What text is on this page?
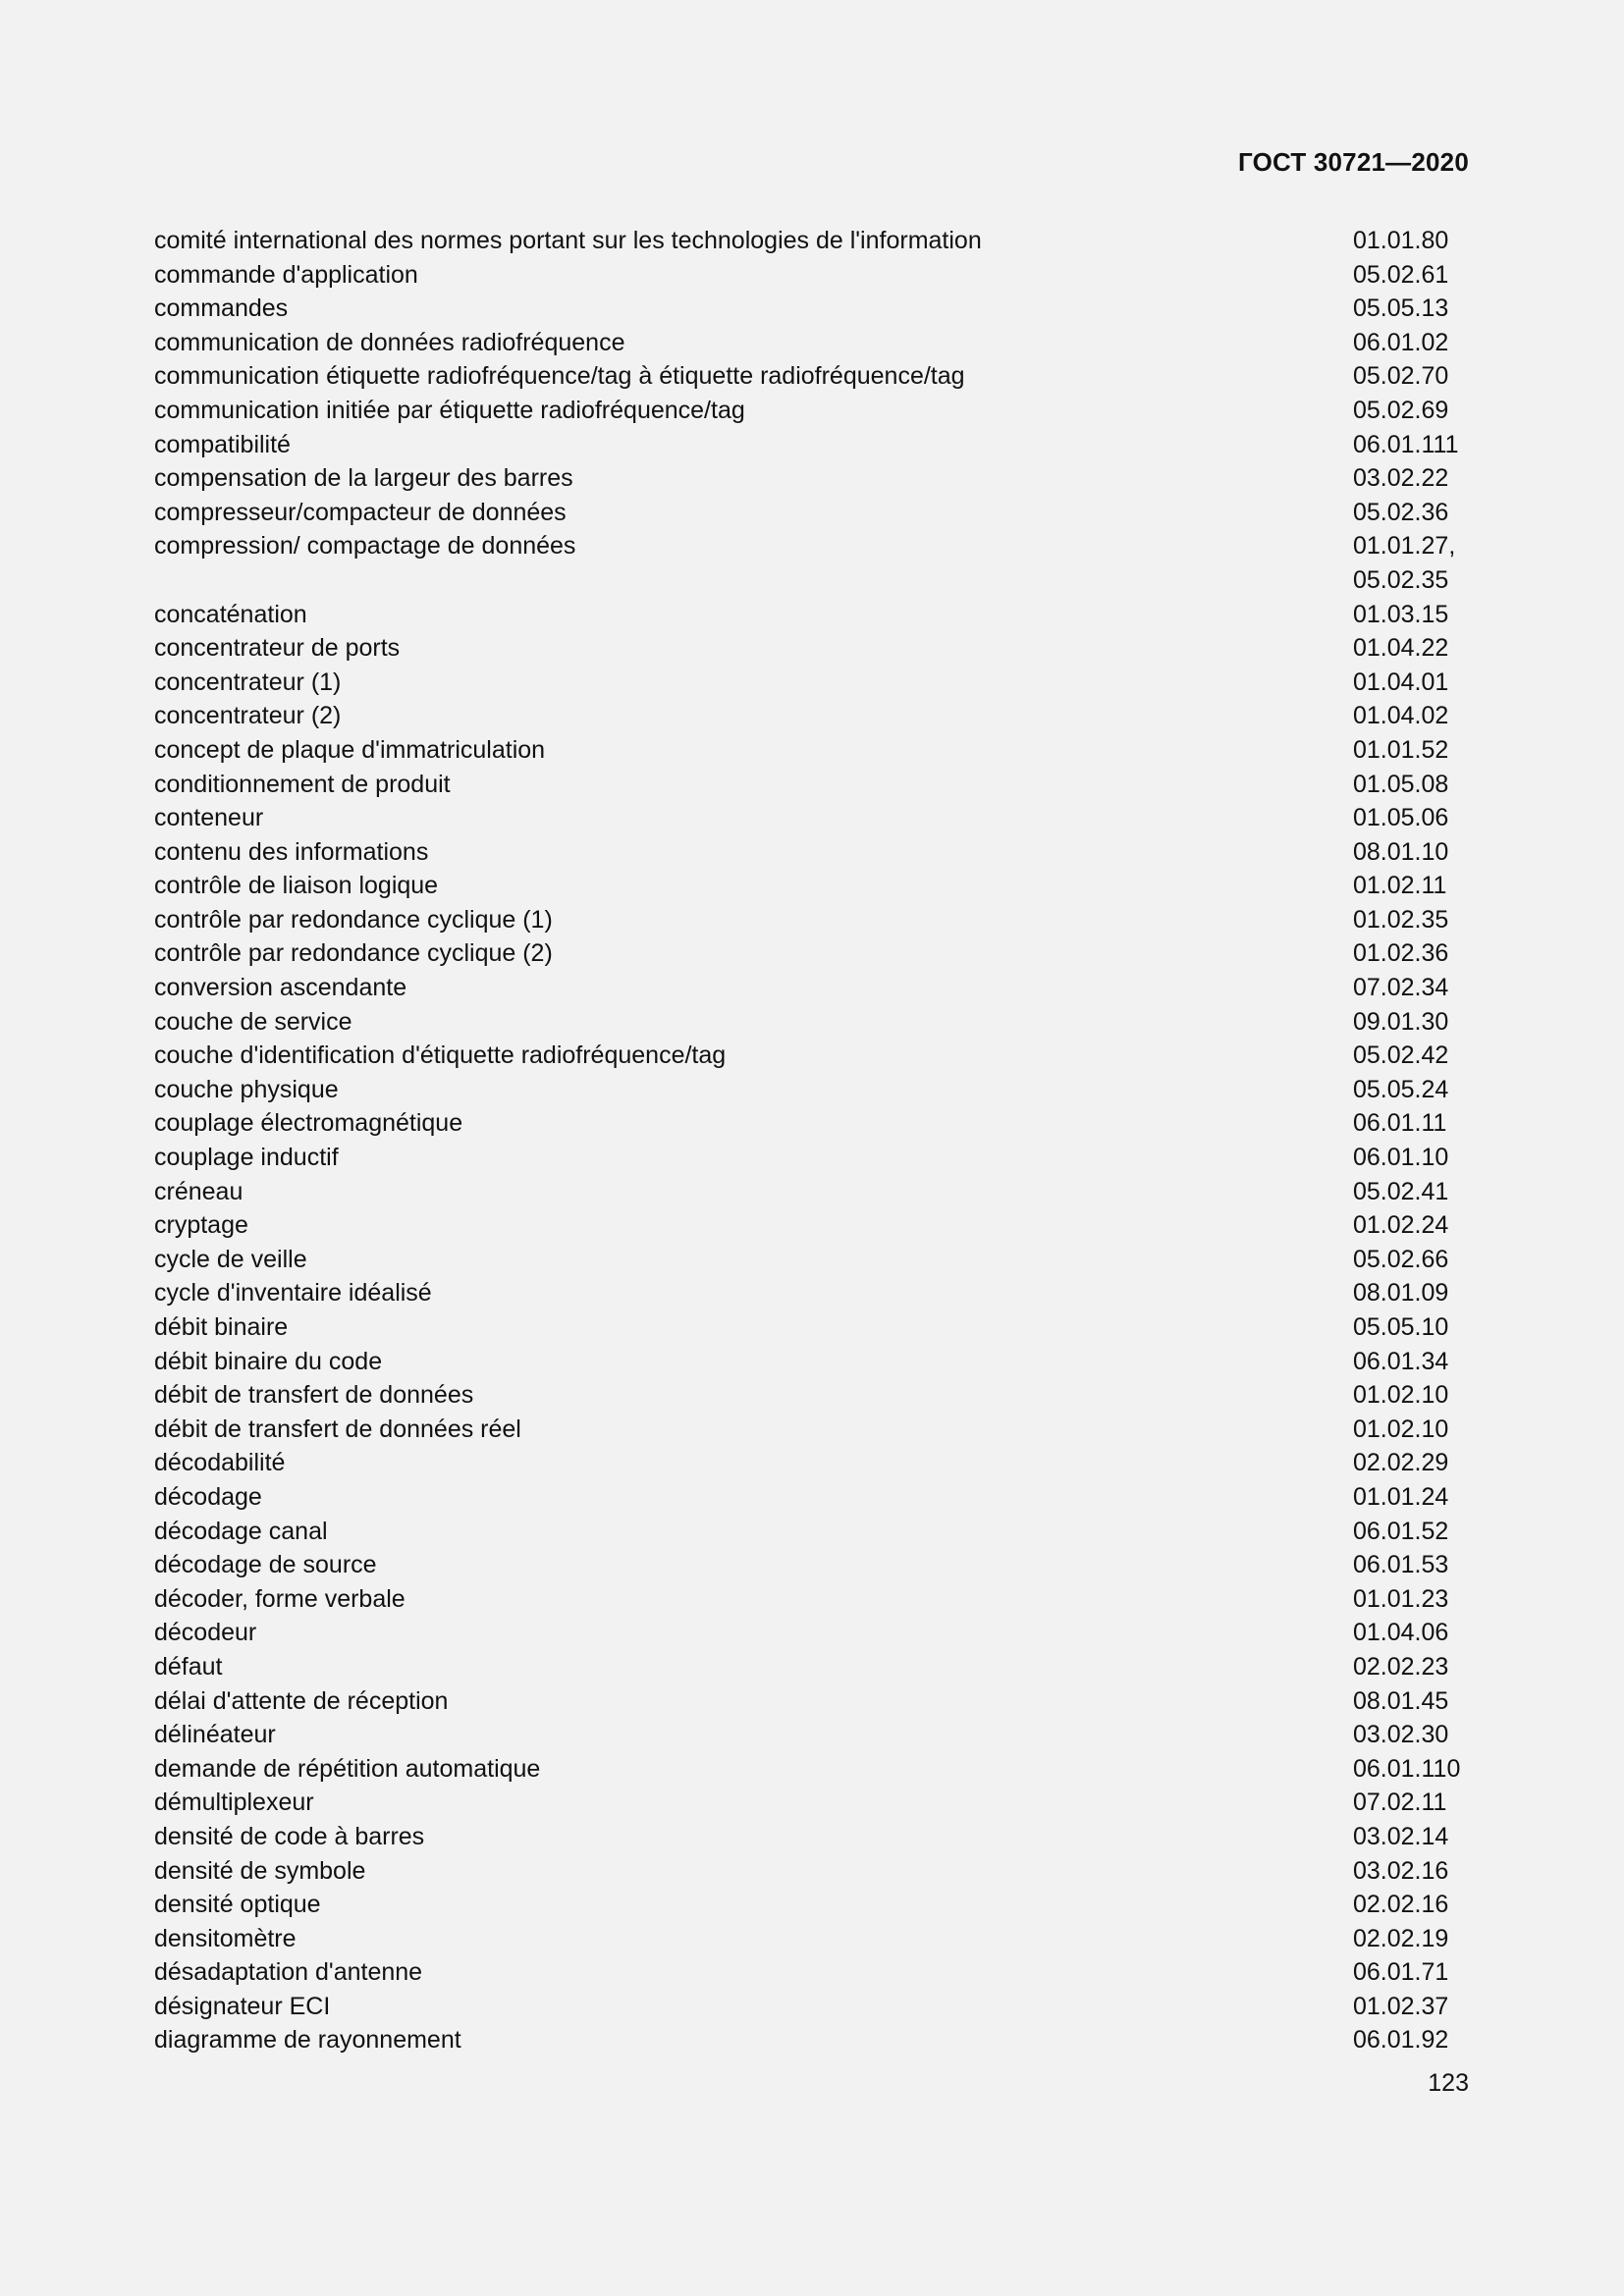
ГОСТ 30721—2020
comité international des normes portant sur les technologies de l'information	01.01.80
commande d'application	05.02.61
commandes	05.05.13
communication de données radiofréquence	06.01.02
communication étiquette radiofréquence/tag à étiquette radiofréquence/tag	05.02.70
communication initiée par étiquette radiofréquence/tag	05.02.69
compatibilité	06.01.111
compensation de la largeur des barres	03.02.22
compresseur/compacteur de données	05.02.36
compression/ compactage de données	01.01.27,
05.02.35
concaténation	01.03.15
concentrateur de ports	01.04.22
concentrateur (1)	01.04.01
concentrateur (2)	01.04.02
concept de plaque d'immatriculation	01.01.52
conditionnement de produit	01.05.08
conteneur	01.05.06
contenu des informations	08.01.10
contrôle de liaison logique	01.02.11
contrôle par redondance cyclique (1)	01.02.35
contrôle par redondance cyclique (2)	01.02.36
conversion ascendante	07.02.34
couche de service	09.01.30
couche d'identification d'étiquette radiofréquence/tag	05.02.42
couche physique	05.05.24
couplage électromagnétique	06.01.11
couplage inductif	06.01.10
créneau	05.02.41
cryptage	01.02.24
cycle de veille	05.02.66
cycle d'inventaire idéalisé	08.01.09
débit binaire	05.05.10
débit binaire du code	06.01.34
débit de transfert de données	01.02.10
débit de transfert de données réel	01.02.10
décodabilité	02.02.29
décodage	01.01.24
décodage canal	06.01.52
décodage de source	06.01.53
décoder, forme verbale	01.01.23
décodeur	01.04.06
défaut	02.02.23
délai d'attente de réception	08.01.45
délinéateur	03.02.30
demande de répétition automatique	06.01.110
démultiplexeur	07.02.11
densité de code à barres	03.02.14
densité de symbole	03.02.16
densité optique	02.02.16
densitomètre	02.02.19
désadaptation d'antenne	06.01.71
désignateur ECI	01.02.37
diagramme de rayonnement	06.01.92
123
